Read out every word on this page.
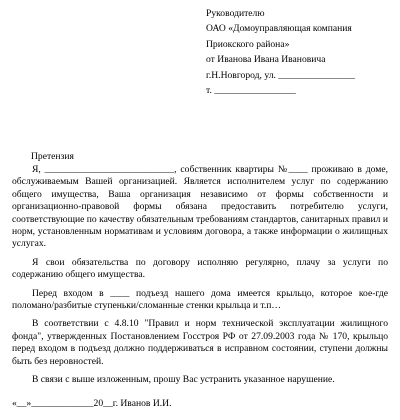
Руководителю
ОАО «Домоуправляющая компания
Приокского района»
от Иванова Ивана Ивановича
г.Н.Новгород, ул. ________________
т. _________________
Претензия

Я, ___________________________, собственник квартиры №____ проживаю в доме, обслуживаемым Вашей организацией. Является исполнителем услуг по содержанию общего имущества, Ваша организация независимо от формы собственности и организационно-правовой формы обязана предоставить потребителю услуги, соответствующие по качеству обязательным требованиям стандартов, санитарных правил и норм, установленным нормативам и условиям договора, а также информации о жилищных услугах.

Я свои обязательства по договору исполняю регулярно, плачу за услуги по содержанию общего имущества.

Перед входом в ____ подъезд нашего дома имеется крыльцо, которое кое-где поломано/разбитые ступеньки/сломанные стенки крыльца и т.п…

В соответствии с 4.8.10 "Правил и норм технической эксплуатации жилищного фонда", утвержденных Постановлением Госстроя РФ от 27.09.2003 года № 170, крыльцо перед входом в подъезд должно поддерживаться в исправном состоянии, ступени должны быть без неровностей.

В связи с выше изложенным, прошу Вас устранить указанное нарушение.

«__»_____________20__г. Иванов И.И.
